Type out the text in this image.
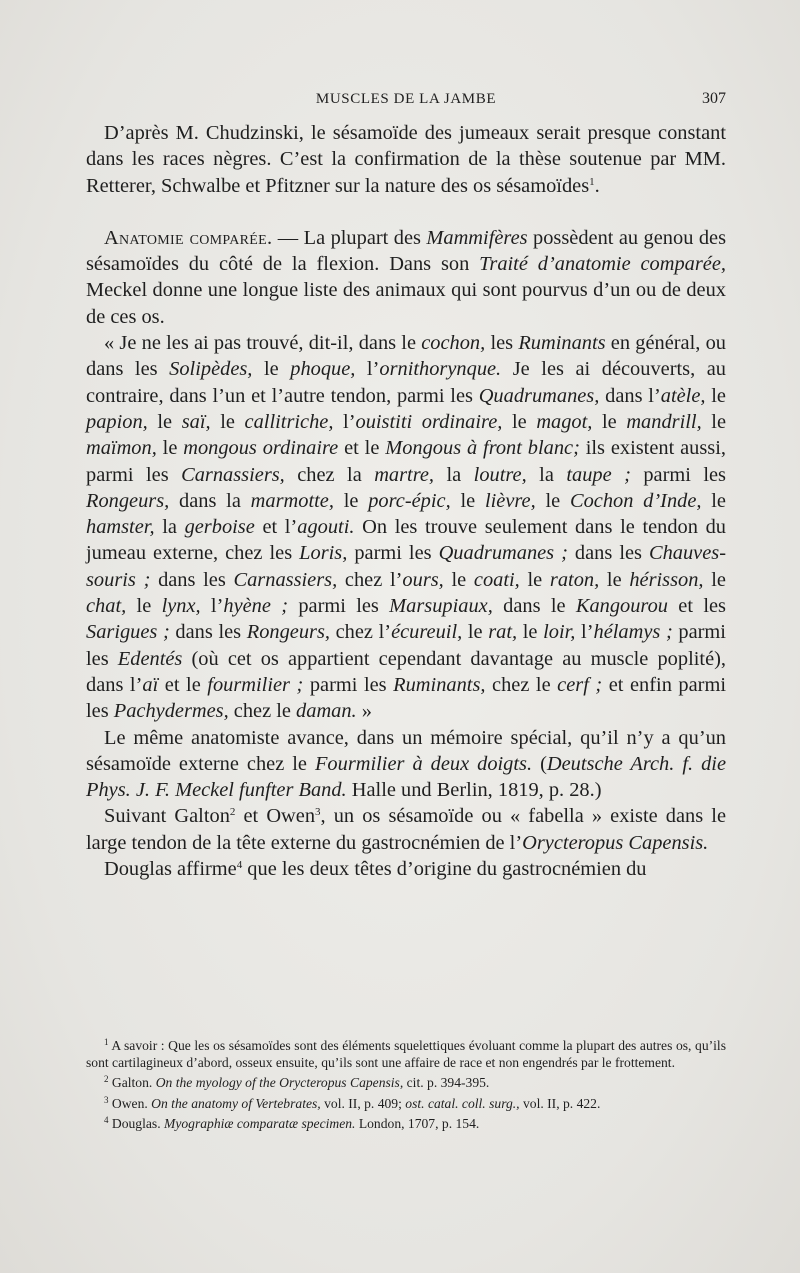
MUSCLES DE LA JAMBE	307

D’après M. Chudzinski, le sésamoïde des jumeaux serait presque constant dans les races nègres. C’est la confirmation de la thèse soutenue par MM. Retterer, Schwalbe et Pfitzner sur la nature des os sésamoïdes$^1$.

Anatomie comparée. — La plupart des Mammifères possèdent au genou des sésamoïdes du côté de la flexion. Dans son Traité d’anatomie comparée, Meckel donne une longue liste des animaux qui sont pourvus d’un ou de deux de ces os.

« Je ne les ai pas trouvé, dit-il, dans le cochon, les Ruminants en général, ou dans les Solipèdes, le phoque, l’ornithorynque. Je les ai découverts, au contraire, dans l’un et l’autre tendon, parmi les Quadrumanes, dans l’atèle, le papion, le saï, le callitriche, l’ouistiti ordinaire, le magot, le mandrill, le maïmon, le mongous ordinaire et le Mongous à front blanc; ils existent aussi, parmi les Carnassiers, chez la martre, la loutre, la taupe ; parmi les Rongeurs, dans la marmotte, le porc-épic, le lièvre, le Cochon d’Inde, le hamster, la gerboise et l’agouti. On les trouve seulement dans le tendon du jumeau externe, chez les Loris, parmi les Quadrumanes ; dans les Chauves-souris ; dans les Carnassiers, chez l’ours, le coati, le raton, le hérisson, le chat, le lynx, l’hyène ; parmi les Marsupiaux, dans le Kangourou et les Sarigues ; dans les Rongeurs, chez l’écureuil, le rat, le loir, l’hélamys ; parmi les Edentés (où cet os appartient cependant davantage au muscle poplité), dans l’aï et le fourmilier ; parmi les Ruminants, chez le cerf ; et enfin parmi les Pachydermes, chez le daman. »

Le même anatomiste avance, dans un mémoire spécial, qu’il n’y a qu’un sésamoïde externe chez le Fourmilier à deux doigts. (Deutsche Arch. f. die Phys. J. F. Meckel funfter Band. Halle und Berlin, 1819, p. 28.)

Suivant Galton$^2$ et Owen$^3$, un os sésamoïde ou « fabella » existe dans le large tendon de la tête externe du gastrocnémien de l’Orycteropus Capensis.

Douglas affirme$^4$ que les deux têtes d’origine du gastrocnémien du

$^1$ A savoir : Que les os sésamoïdes sont des éléments squelettiques évoluant comme la plupart des autres os, qu’ils sont cartilagineux d’abord, osseux ensuite, qu’ils sont une affaire de race et non engendrés par le frottement.

$^2$ Galton. On the myology of the Orycteropus Capensis, cit. p. 394-395.

$^3$ Owen. On the anatomy of Vertebrates, vol. II, p. 409; ost. catal. coll. surg., vol. II, p. 422.

$^4$ Douglas. Myographiæ comparatæ specimen. London, 1707, p. 154.
